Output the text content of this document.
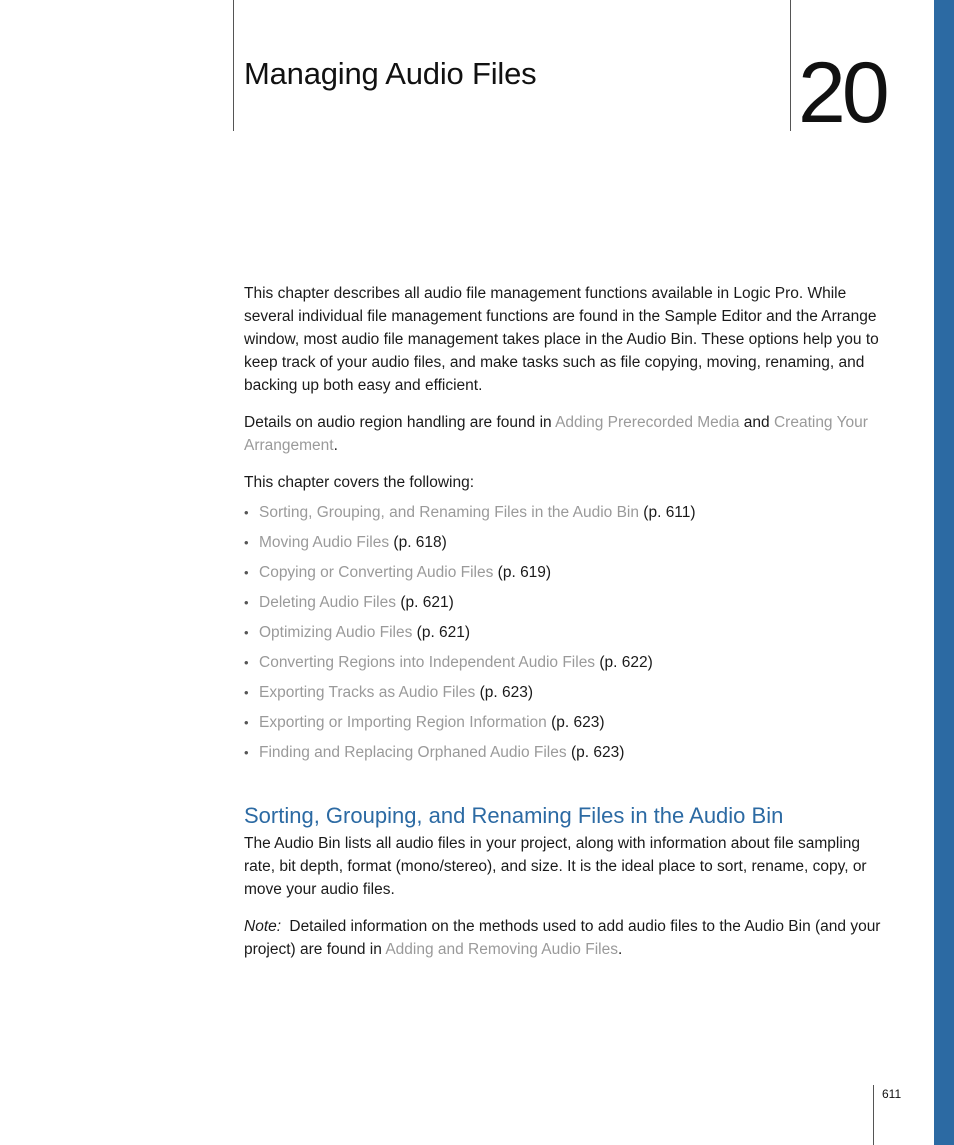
Managing Audio Files	20

This chapter describes all audio file management functions available in Logic Pro. While several individual file management functions are found in the Sample Editor and the Arrange window, most audio file management takes place in the Audio Bin. These options help you to keep track of your audio files, and make tasks such as file copying, moving, renaming, and backing up both easy and efficient.

Details on audio region handling are found in Adding Prerecorded Media and Creating Your Arrangement.

This chapter covers the following:

• Sorting, Grouping, and Renaming Files in the Audio Bin (p. 611)
• Moving Audio Files (p. 618)
• Copying or Converting Audio Files (p. 619)
• Deleting Audio Files (p. 621)
• Optimizing Audio Files (p. 621)
• Converting Regions into Independent Audio Files (p. 622)
• Exporting Tracks as Audio Files (p. 623)
• Exporting or Importing Region Information (p. 623)
• Finding and Replacing Orphaned Audio Files (p. 623)
Sorting, Grouping, and Renaming Files in the Audio Bin

The Audio Bin lists all audio files in your project, along with information about file sampling rate, bit depth, format (mono/stereo), and size. It is the ideal place to sort, rename, copy, or move your audio files.

Note: Detailed information on the methods used to add audio files to the Audio Bin (and your project) are found in Adding and Removing Audio Files.

611
